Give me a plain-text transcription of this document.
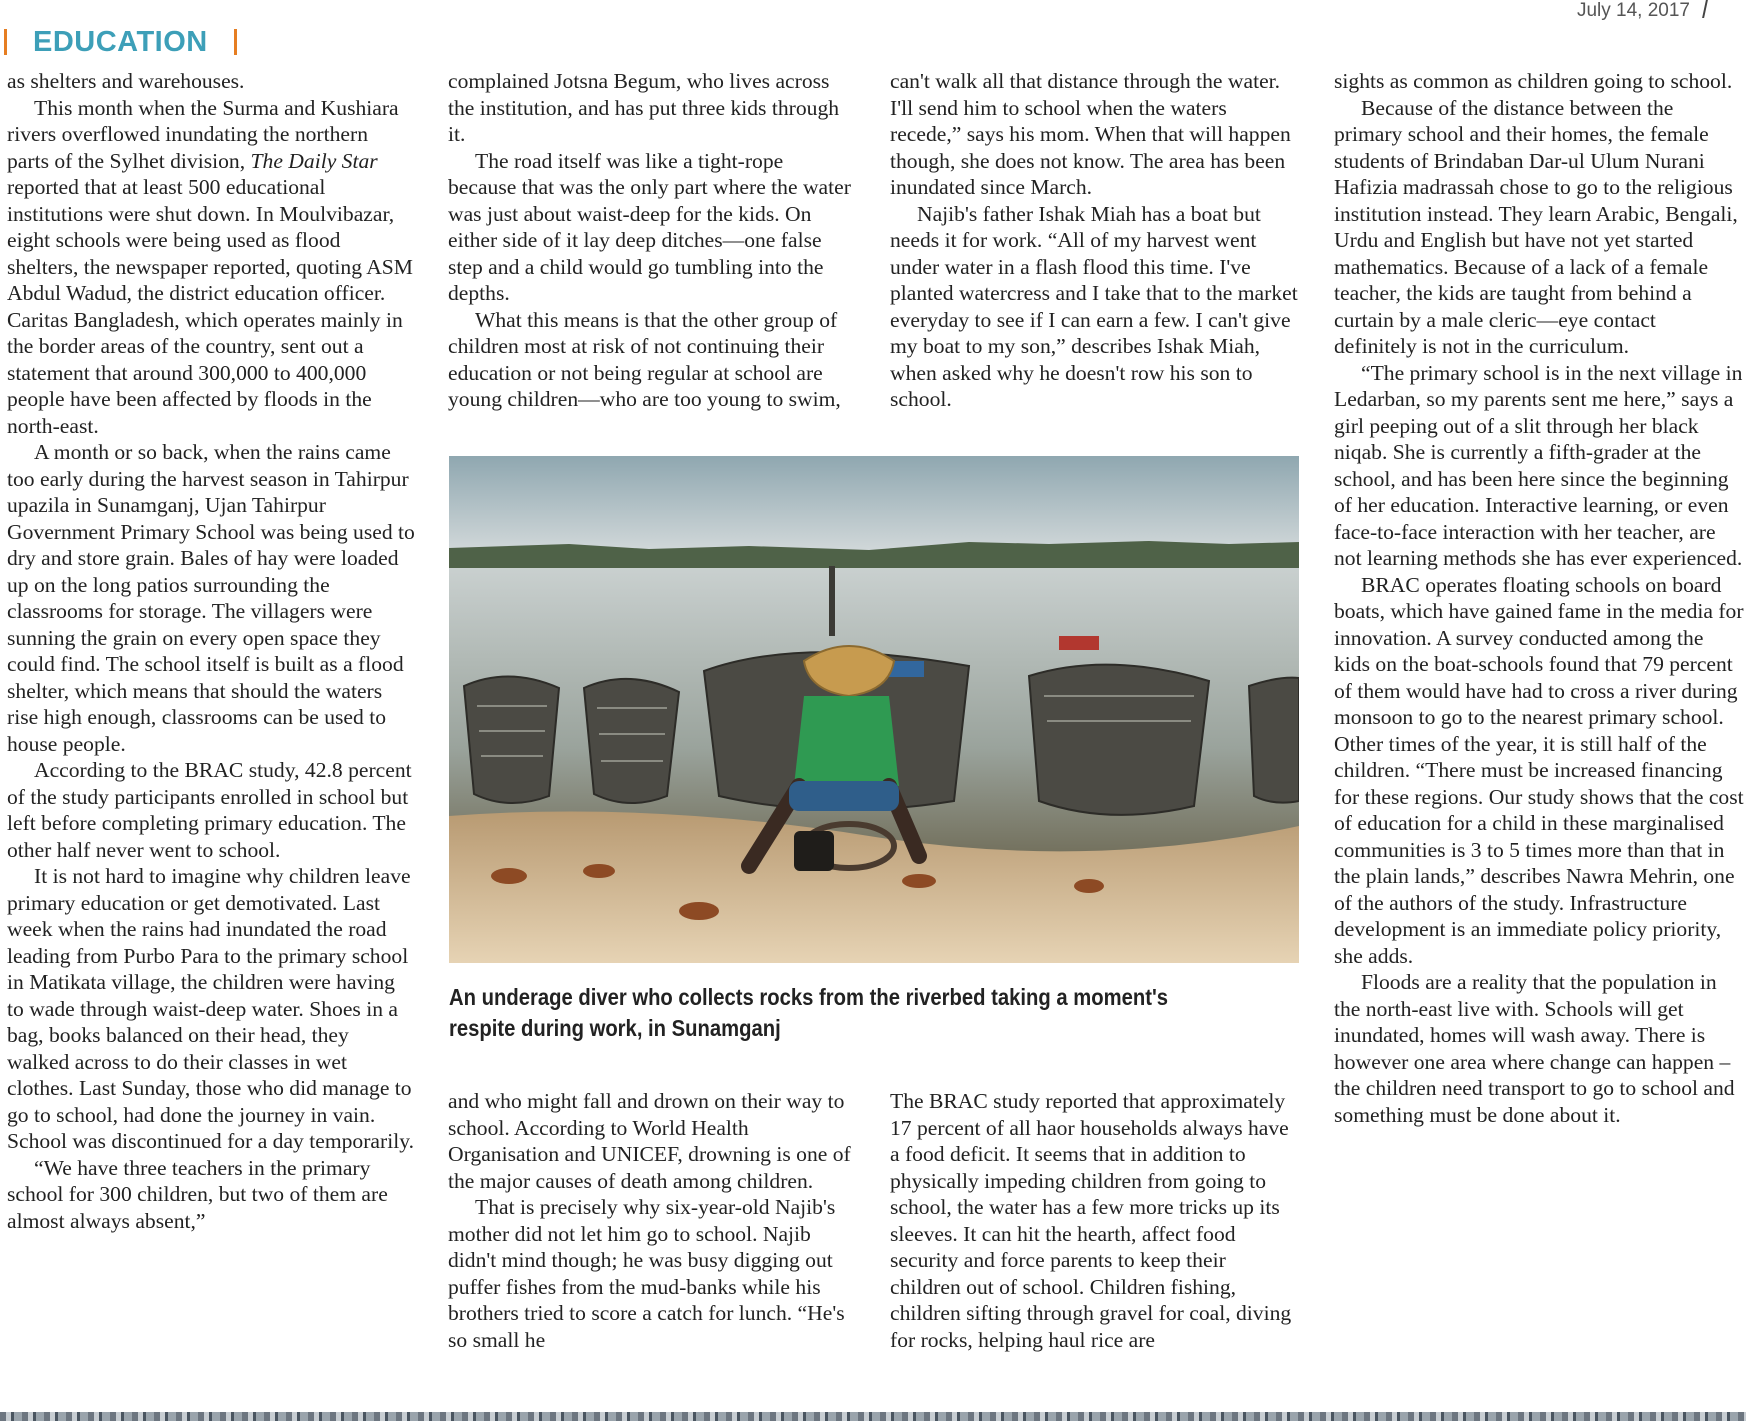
July 14, 2017
EDUCATION

as shelters and warehouses.

This month when the Surma and Kushiara rivers overflowed inundating the northern parts of the Sylhet division, The Daily Star reported that at least 500 educational institutions were shut down. In Moulvibazar, eight schools were being used as flood shelters, the newspaper reported, quoting ASM Abdul Wadud, the district education officer. Caritas Bangladesh, which operates mainly in the border areas of the country, sent out a statement that around 300,000 to 400,000 people have been affected by floods in the north-east.

A month or so back, when the rains came too early during the harvest season in Tahirpur upazila in Sunamganj, Ujan Tahirpur Government Primary School was being used to dry and store grain. Bales of hay were loaded up on the long patios surrounding the classrooms for storage. The villagers were sunning the grain on every open space they could find. The school itself is built as a flood shelter, which means that should the waters rise high enough, classrooms can be used to house people.

According to the BRAC study, 42.8 percent of the study participants enrolled in school but left before completing primary education. The other half never went to school.

It is not hard to imagine why children leave primary education or get demotivated. Last week when the rains had inundated the road leading from Purbo Para to the primary school in Matikata village, the children were having to wade through waist-deep water. Shoes in a bag, books balanced on their head, they walked across to do their classes in wet clothes. Last Sunday, those who did manage to go to school, had done the journey in vain. School was discontinued for a day temporarily.

“We have three teachers in the primary school for 300 children, but two of them are almost always absent,”

complained Jotsna Begum, who lives across the institution, and has put three kids through it.

The road itself was like a tight-rope because that was the only part where the water was just about waist-deep for the kids. On either side of it lay deep ditches—one false step and a child would go tumbling into the depths.

What this means is that the other group of children most at risk of not continuing their education or not being regular at school are young children—who are too young to swim,

can't walk all that distance through the water. I'll send him to school when the waters recede,” says his mom. When that will happen though, she does not know. The area has been inundated since March.

Najib's father Ishak Miah has a boat but needs it for work. “All of my harvest went under water in a flash flood this time. I've planted watercress and I take that to the market everyday to see if I can earn a few. I can't give my boat to my son,” describes Ishak Miah, when asked why he doesn't row his son to school.

An underage diver who collects rocks from the riverbed taking a moment's respite during work, in Sunamganj

and who might fall and drown on their way to school. According to World Health Organisation and UNICEF, drowning is one of the major causes of death among children.

That is precisely why six-year-old Najib's mother did not let him go to school. Najib didn't mind though; he was busy digging out puffer fishes from the mud-banks while his brothers tried to score a catch for lunch. “He's so small he

The BRAC study reported that approximately 17 percent of all haor households always have a food deficit. It seems that in addition to physically impeding children from going to school, the water has a few more tricks up its sleeves. It can hit the hearth, affect food security and force parents to keep their children out of school. Children fishing, children sifting through gravel for coal, diving for rocks, helping haul rice are

sights as common as children going to school.

Because of the distance between the primary school and their homes, the female students of Brindaban Dar-ul Ulum Nurani Hafizia madrassah chose to go to the religious institution instead. They learn Arabic, Bengali, Urdu and English but have not yet started mathematics. Because of a lack of a female teacher, the kids are taught from behind a curtain by a male cleric—eye contact definitely is not in the curriculum.

“The primary school is in the next village in Ledarban, so my parents sent me here,” says a girl peeping out of a slit through her black niqab. She is currently a fifth-grader at the school, and has been here since the beginning of her education. Interactive learning, or even face-to-face interaction with her teacher, are not learning methods she has ever experienced.

BRAC operates floating schools on board boats, which have gained fame in the media for innovation. A survey conducted among the kids on the boat-schools found that 79 percent of them would have had to cross a river during monsoon to go to the nearest primary school. Other times of the year, it is still half of the children. “There must be increased financing for these regions. Our study shows that the cost of education for a child in these marginalised communities is 3 to 5 times more than that in the plain lands,” describes Nawra Mehrin, one of the authors of the study. Infrastructure development is an immediate policy priority, she adds.

Floods are a reality that the population in the north-east live with. Schools will get inundated, homes will wash away. There is however one area where change can happen – the children need transport to go to school and something must be done about it.
